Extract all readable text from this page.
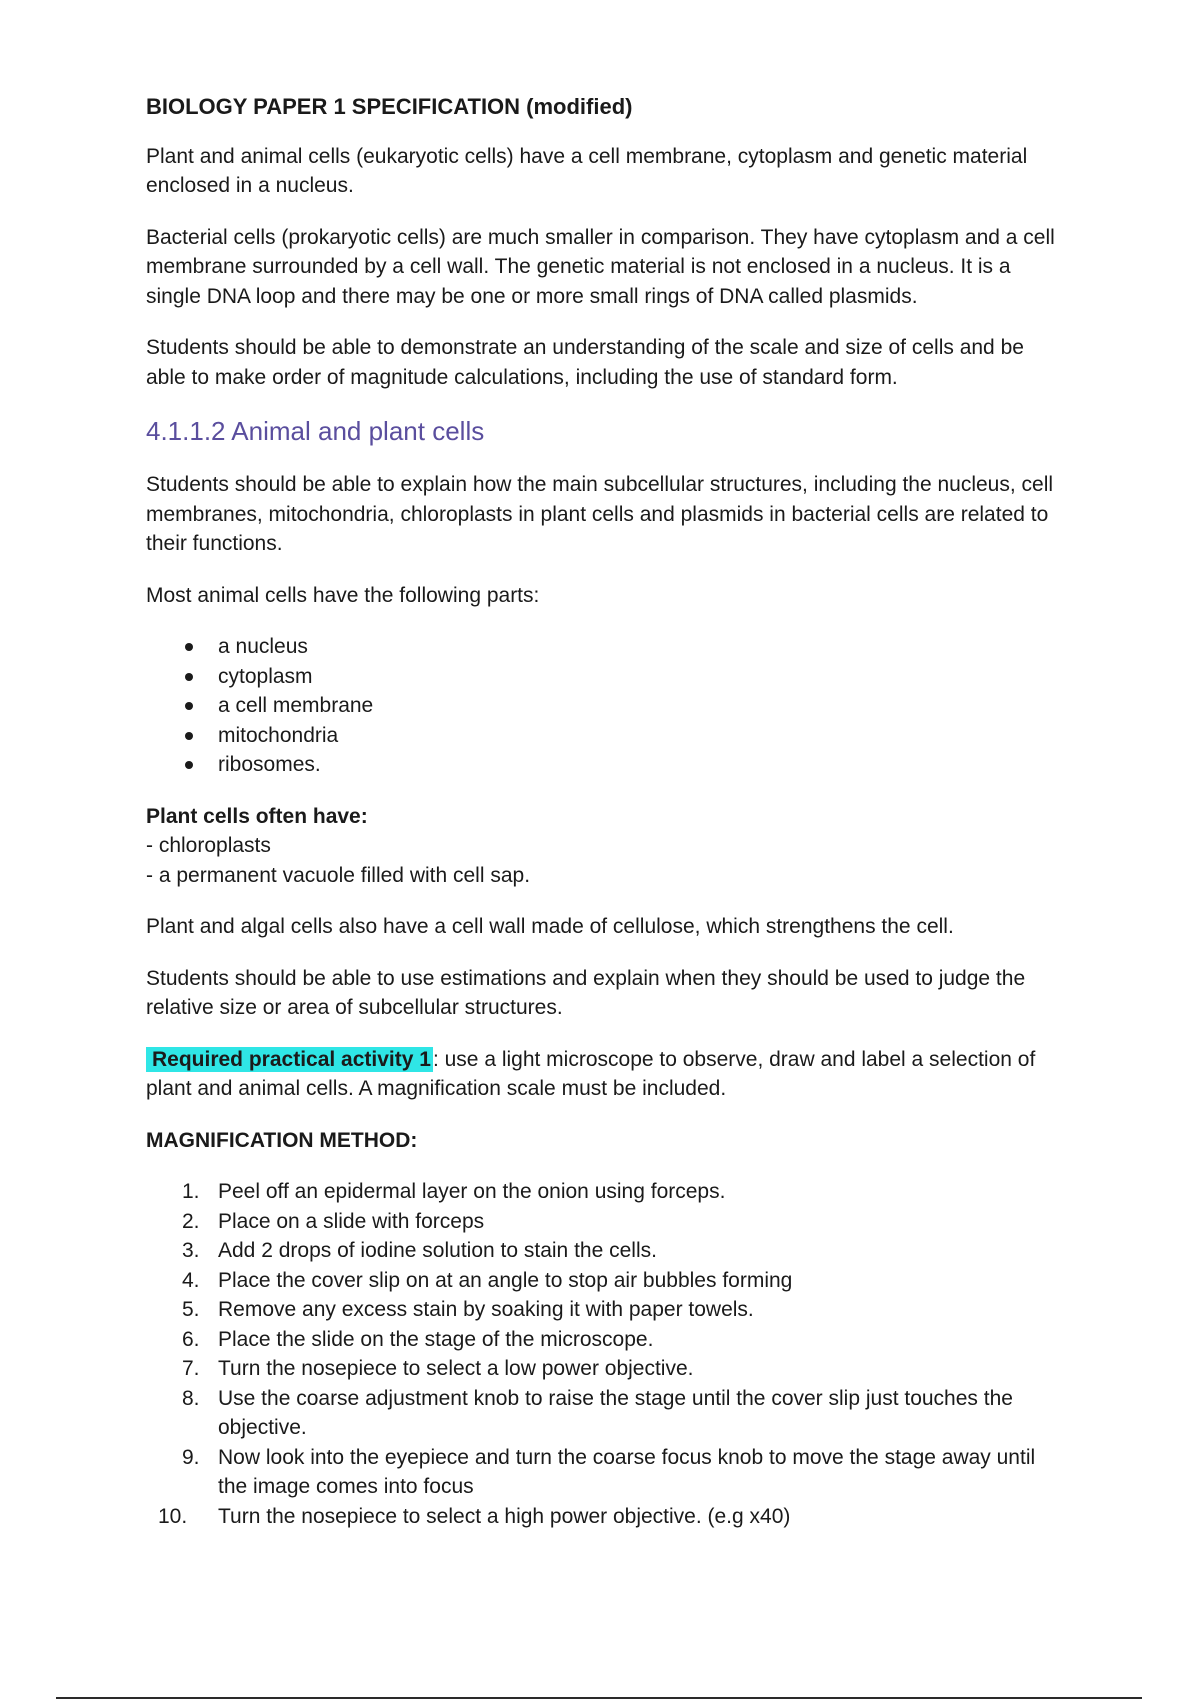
BIOLOGY PAPER 1 SPECIFICATION (modified)

Plant and animal cells (eukaryotic cells) have a cell membrane, cytoplasm and genetic material enclosed in a nucleus.

Bacterial cells (prokaryotic cells) are much smaller in comparison. They have cytoplasm and a cell membrane surrounded by a cell wall. The genetic material is not enclosed in a nucleus. It is a single DNA loop and there may be one or more small rings of DNA called plasmids.

Students should be able to demonstrate an understanding of the scale and size of cells and be able to make order of magnitude calculations, including the use of standard form.

4.1.1.2 Animal and plant cells

Students should be able to explain how the main subcellular structures, including the nucleus, cell membranes, mitochondria, chloroplasts in plant cells and plasmids in bacterial cells are related to their functions.

Most animal cells have the following parts:

a nucleus
cytoplasm
a cell membrane
mitochondria
ribosomes.

Plant cells often have:

- chloroplasts

- a permanent vacuole filled with cell sap.

Plant and algal cells also have a cell wall made of cellulose, which strengthens the cell.

Students should be able to use estimations and explain when they should be used to judge the relative size or area of subcellular structures.

Required practical activity 1: use a light microscope to observe, draw and label a selection of plant and animal cells. A magnification scale must be included.

MAGNIFICATION METHOD:

1. Peel off an epidermal layer on the onion using forceps.
2. Place on a slide with forceps
3. Add 2 drops of iodine solution to stain the cells.
4. Place the cover slip on at an angle to stop air bubbles forming
5. Remove any excess stain by soaking it with paper towels.
6. Place the slide on the stage of the microscope.
7. Turn the nosepiece to select a low power objective.
8. Use the coarse adjustment knob to raise the stage until the cover slip just touches the objective.
9. Now look into the eyepiece and turn the coarse focus knob to move the stage away until the image comes into focus
10. Turn the nosepiece to select a high power objective. (e.g x40)
